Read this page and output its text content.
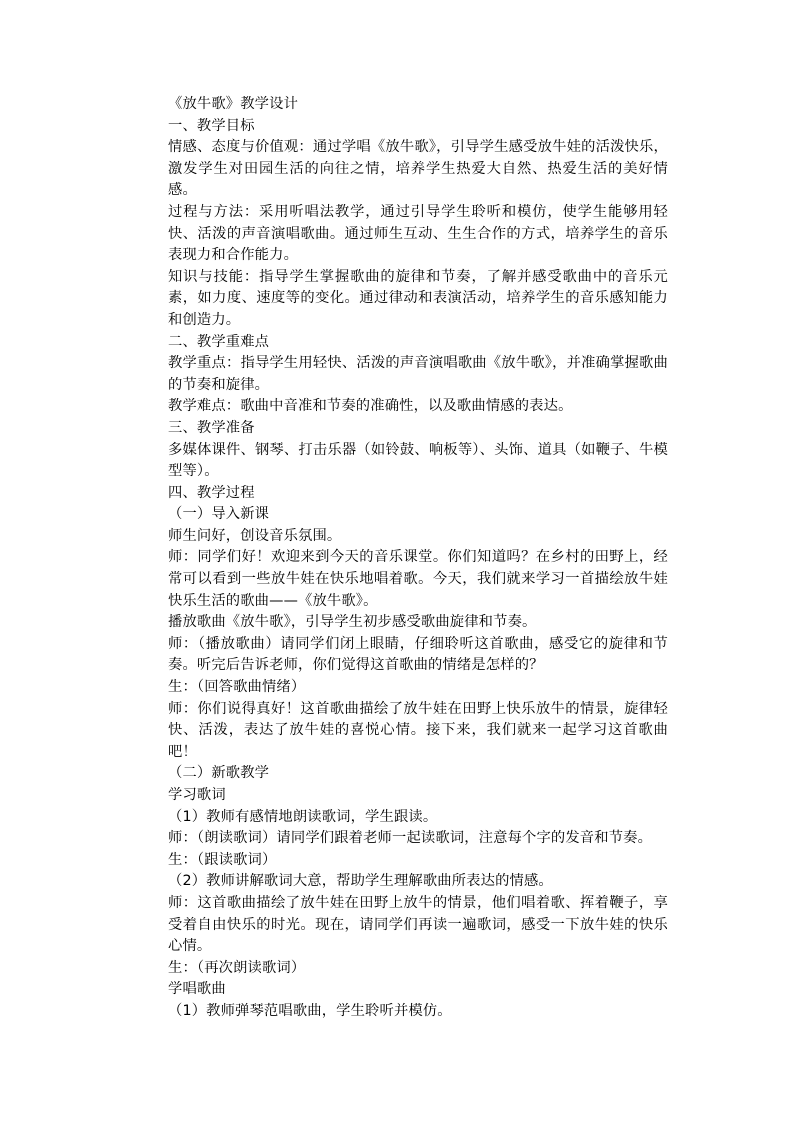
《放牛歌》教学设计

一、教学目标

情感、态度与价值观：通过学唱《放牛歌》，引导学生感受放牛娃的活泼快乐，激发学生对田园生活的向往之情，培养学生热爱大自然、热爱生活的美好情感。

过程与方法：采用听唱法教学，通过引导学生聆听和模仿，使学生能够用轻快、活泼的声音演唱歌曲。通过师生互动、生生合作的方式，培养学生的音乐表现力和合作能力。

知识与技能：指导学生掌握歌曲的旋律和节奏，了解并感受歌曲中的音乐元素，如力度、速度等的变化。通过律动和表演活动，培养学生的音乐感知能力和创造力。

二、教学重难点

教学重点：指导学生用轻快、活泼的声音演唱歌曲《放牛歌》，并准确掌握歌曲的节奏和旋律。

教学难点：歌曲中音准和节奏的准确性，以及歌曲情感的表达。

三、教学准备

多媒体课件、钢琴、打击乐器（如铃鼓、响板等）、头饰、道具（如鞭子、牛模型等）。

四、教学过程

（一）导入新课

师生问好，创设音乐氛围。

师：同学们好！欢迎来到今天的音乐课堂。你们知道吗？在乡村的田野上，经常可以看到一些放牛娃在快乐地唱着歌。今天，我们就来学习一首描绘放牛娃快乐生活的歌曲——《放牛歌》。

播放歌曲《放牛歌》，引导学生初步感受歌曲旋律和节奏。

师：（播放歌曲）请同学们闭上眼睛，仔细聆听这首歌曲，感受它的旋律和节奏。听完后告诉老师，你们觉得这首歌曲的情绪是怎样的？

生：（回答歌曲情绪）

师：你们说得真好！这首歌曲描绘了放牛娃在田野上快乐放牛的情景，旋律轻快、活泼，表达了放牛娃的喜悦心情。接下来，我们就来一起学习这首歌曲吧！

（二）新歌教学

学习歌词

（1）教师有感情地朗读歌词，学生跟读。

师：（朗读歌词）请同学们跟着老师一起读歌词，注意每个字的发音和节奏。

生：（跟读歌词）

（2）教师讲解歌词大意，帮助学生理解歌曲所表达的情感。

师：这首歌曲描绘了放牛娃在田野上放牛的情景，他们唱着歌、挥着鞭子，享受着自由快乐的时光。现在，请同学们再读一遍歌词，感受一下放牛娃的快乐心情。

生：（再次朗读歌词）

学唱歌曲

（1）教师弹琴范唱歌曲，学生聆听并模仿。
